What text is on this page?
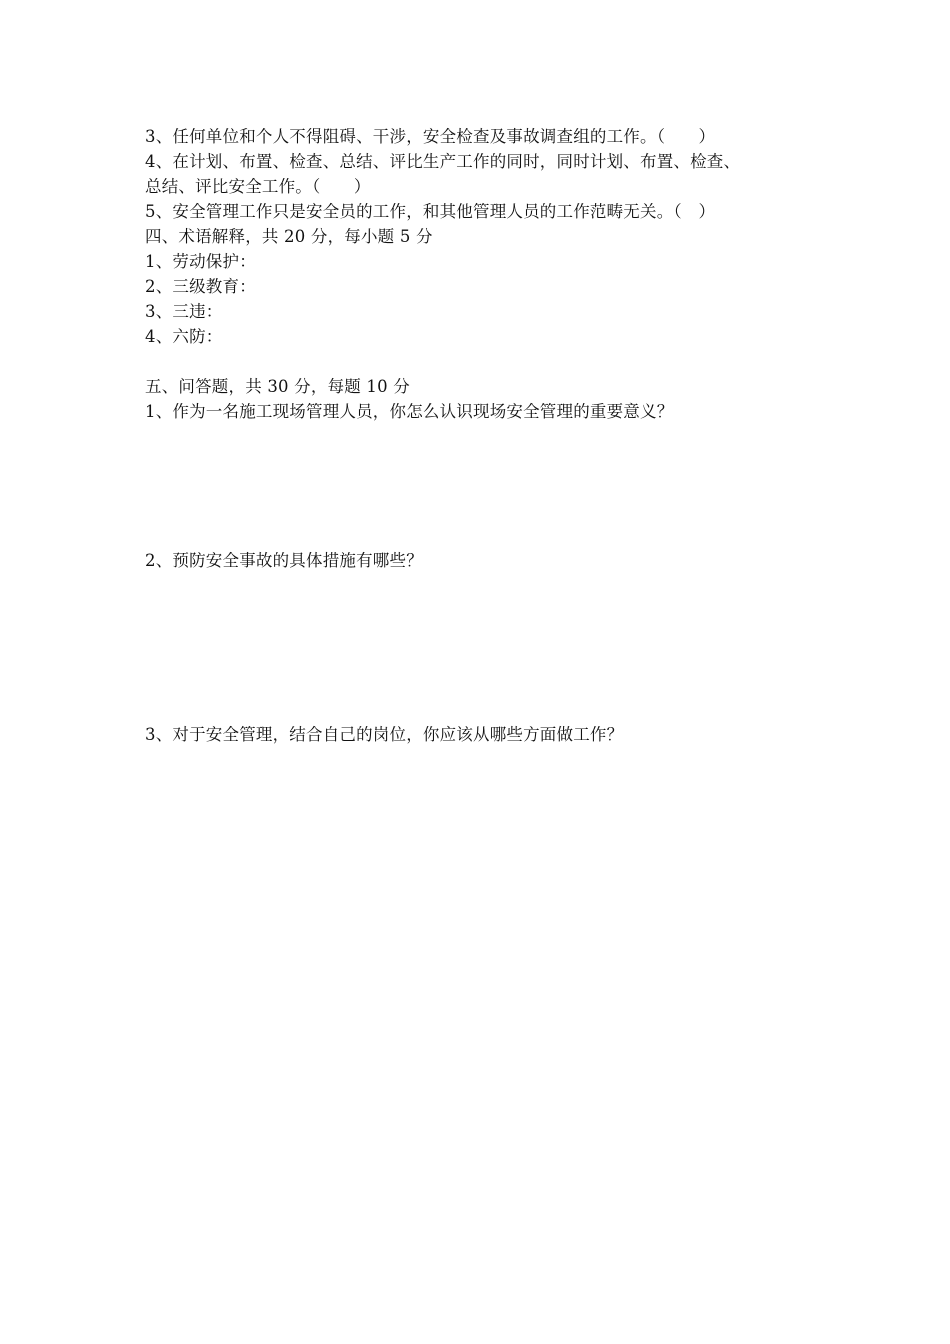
3、任何单位和个人不得阻碍、干涉，安全检查及事故调查组的工作。（　　）
4、在计划、布置、检查、总结、评比生产工作的同时，同时计划、布置、检查、
总结、评比安全工作。（　　）
5、安全管理工作只是安全员的工作，和其他管理人员的工作范畴无关。（　）
四、术语解释，共 20 分，每小题 5 分
1、劳动保护：
2、三级教育：
3、三违：
4、六防：
五、问答题，共 30 分，每题 10 分
1、作为一名施工现场管理人员，你怎么认识现场安全管理的重要意义？
2、预防安全事故的具体措施有哪些？
3、对于安全管理，结合自己的岗位，你应该从哪些方面做工作？
